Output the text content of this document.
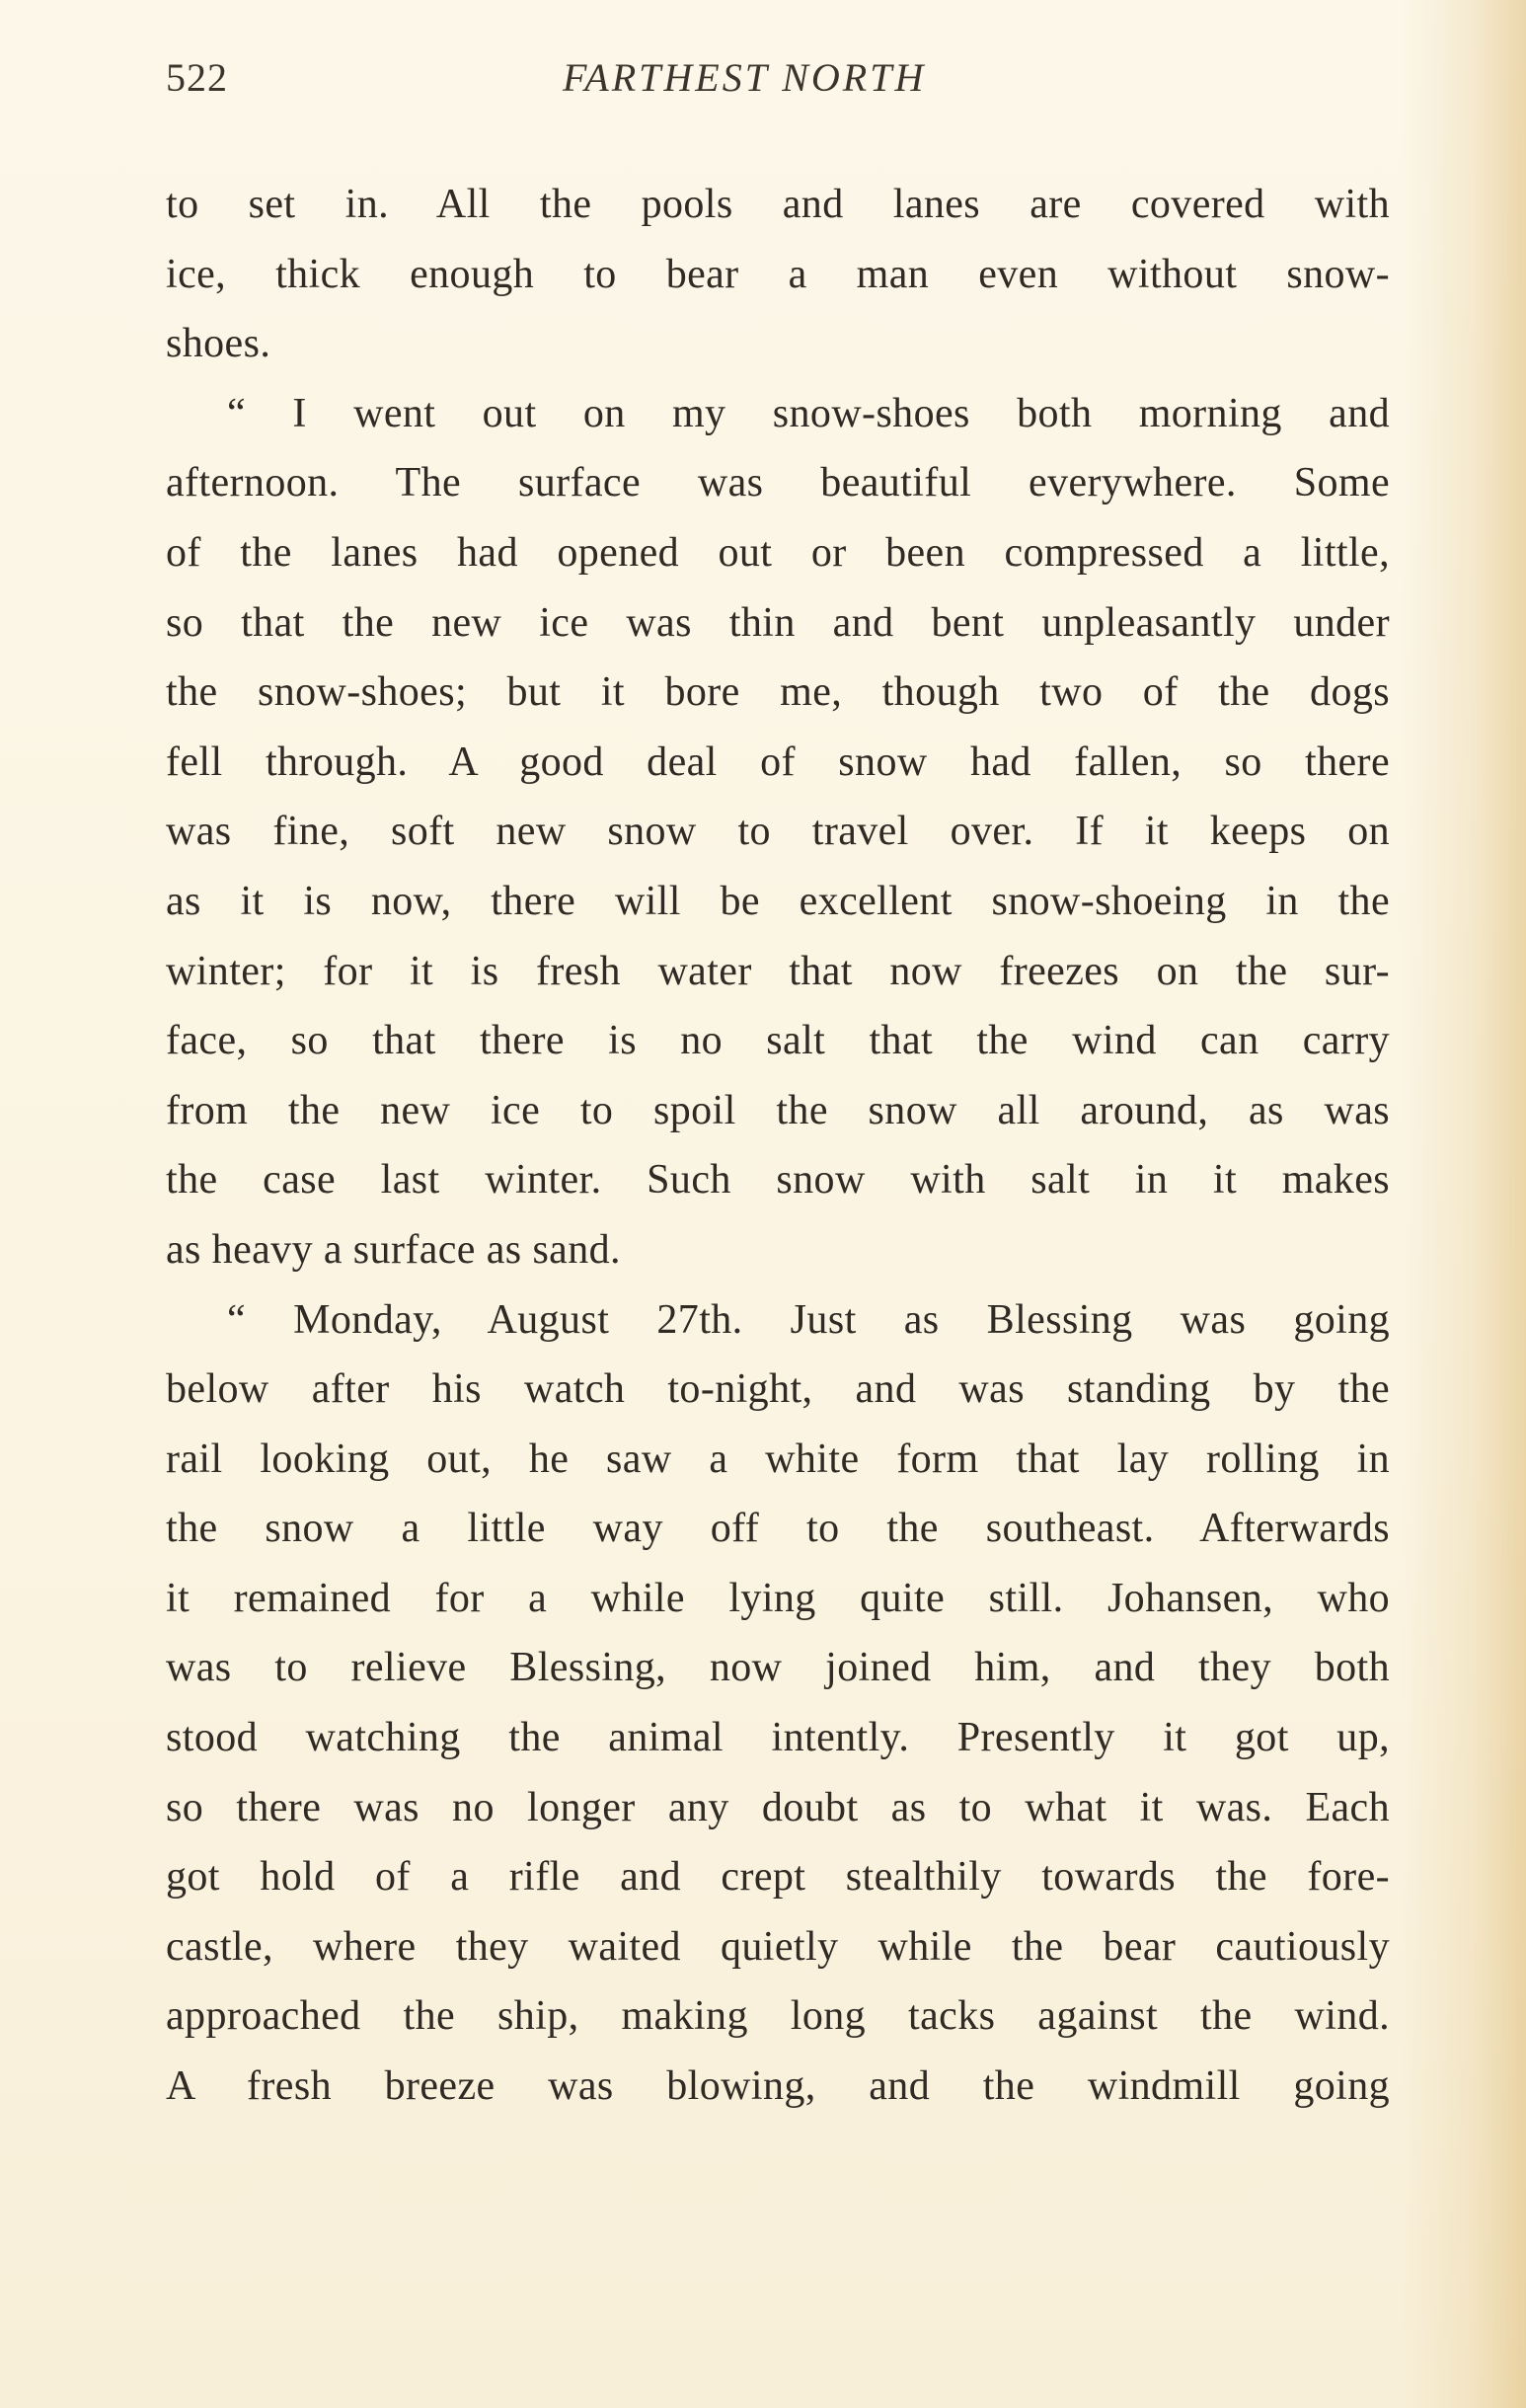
522	FARTHEST NORTH
to set in. All the pools and lanes are covered with
ice, thick enough to bear a man even without snow-
shoes.
“ I went out on my snow-shoes both morning and
afternoon. The surface was beautiful everywhere. Some
of the lanes had opened out or been compressed a little,
so that the new ice was thin and bent unpleasantly under
the snow-shoes; but it bore me, though two of the dogs
fell through. A good deal of snow had fallen, so there
was fine, soft new snow to travel over. If it keeps on
as it is now, there will be excellent snow-shoeing in the
winter; for it is fresh water that now freezes on the sur-
face, so that there is no salt that the wind can carry
from the new ice to spoil the snow all around, as was
the case last winter. Such snow with salt in it makes
as heavy a surface as sand.
“ Monday, August 27th. Just as Blessing was going
below after his watch to-night, and was standing by the
rail looking out, he saw a white form that lay rolling in
the snow a little way off to the southeast. Afterwards
it remained for a while lying quite still. Johansen, who
was to relieve Blessing, now joined him, and they both
stood watching the animal intently. Presently it got up,
so there was no longer any doubt as to what it was. Each
got hold of a rifle and crept stealthily towards the fore-
castle, where they waited quietly while the bear cautiously
approached the ship, making long tacks against the wind.
A fresh breeze was blowing, and the windmill going
